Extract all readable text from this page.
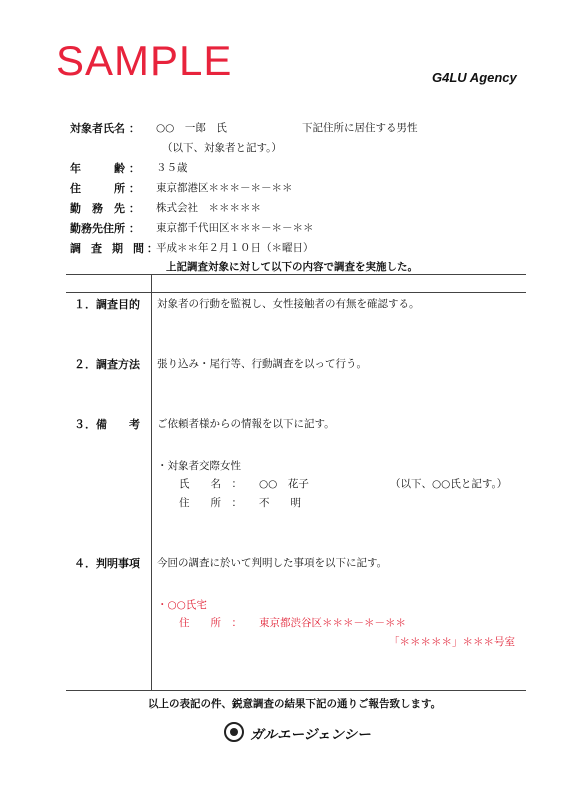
SAMPLE	G4LU Agency
対象者氏名 ： ○○　一郎　氏	下記住所に居住する男性
（以下、対象者と記す。）
年　　　齢 ： ３５歳
住　　　所 ： 東京都港区＊＊＊－＊－＊＊
勤　務　先 ： 株式会社　＊＊＊＊＊
勤務先住所 ： 東京都千代田区＊＊＊－＊－＊＊
調　査　期　間 ：
平成＊＊年２月１０日（＊曜日）
上記調査対象に対して以下の内容で調査を実施した。
１．調査目的 対象者の行動を監視し、女性接触者の有無を確認する。
２．調査方法 張り込み・尾行等、行動調査を以って行う。
３．備　　考 ご依頼者様からの情報を以下に記す。
・対象者交際女性
氏　　名　： ○○　花子	（以下、○○氏と記す。）
住　　所　： 不　　明
４．判明事項 今回の調査に於いて判明した事項を以下に記す。
・○○氏宅
住　　所　： 東京都渋谷区＊＊＊－＊－＊＊
「＊＊＊＊＊」＊＊＊号室
以上の表記の件、鋭意調査の結果下記の通りご報告致します。
ガルエージェンシー
